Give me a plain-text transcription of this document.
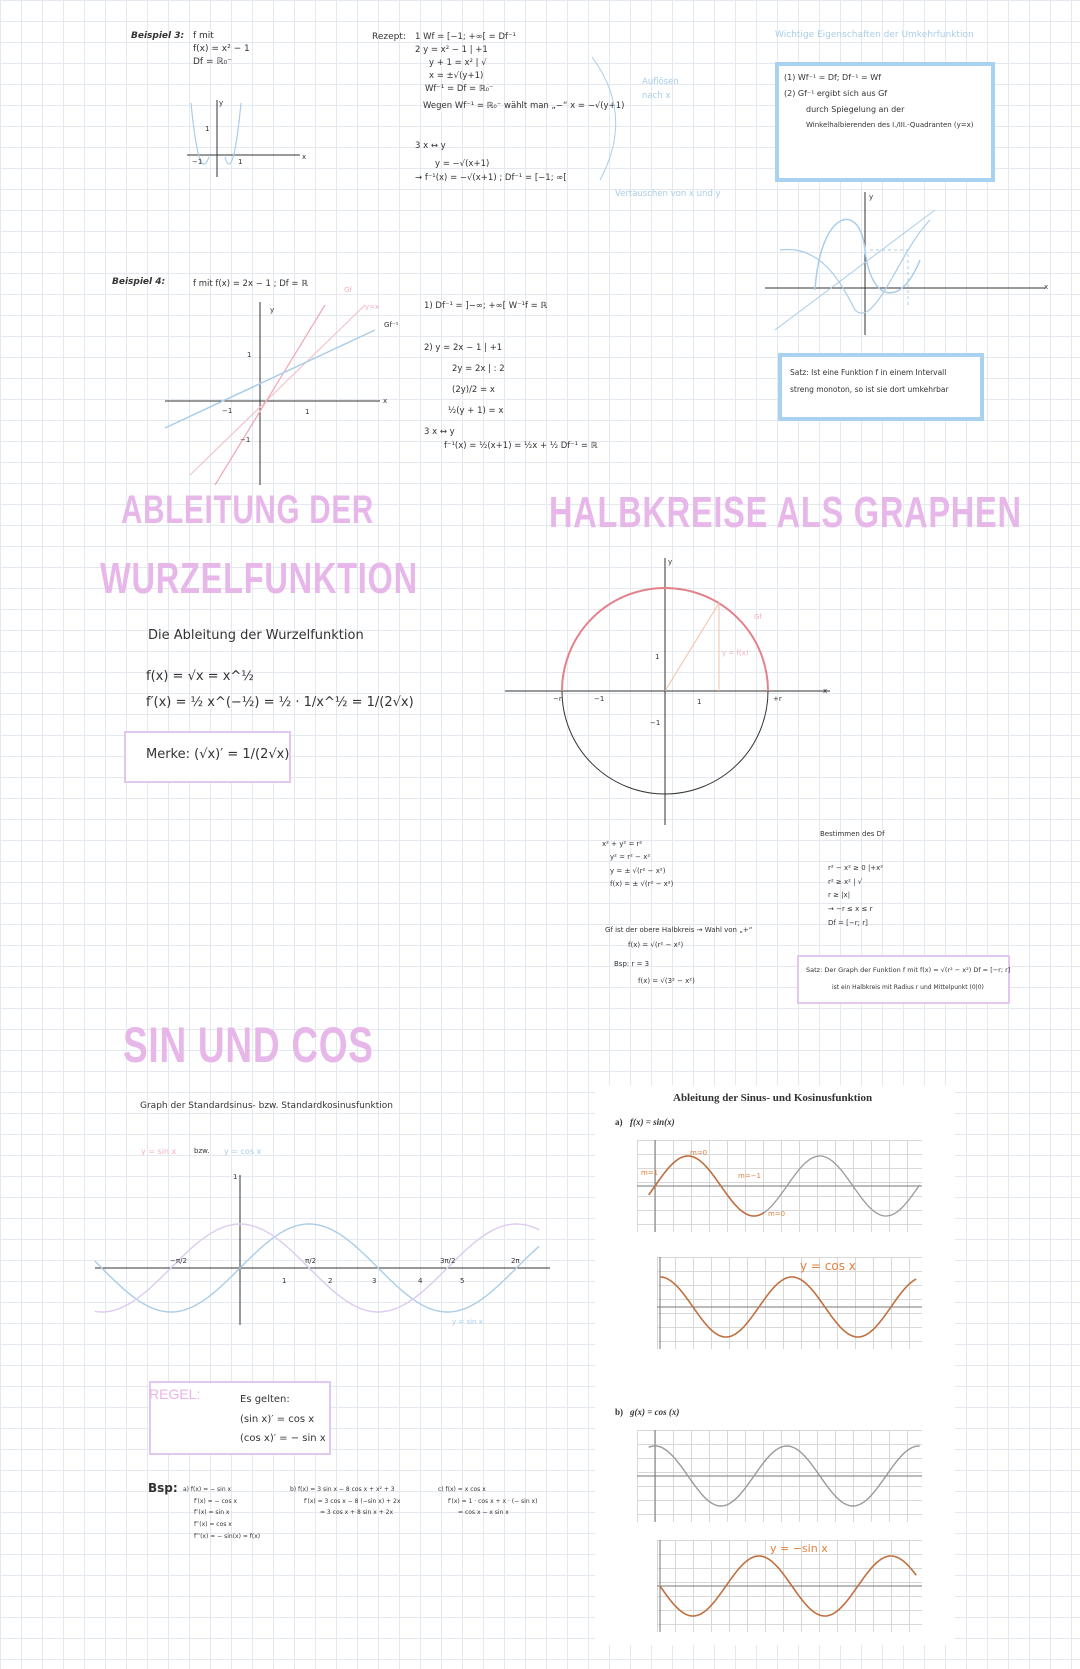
Beispiel 3: f mit
f(x) = x² − 1
Df = ℝ₀⁻
y
−1	1
1
x
Rezept: 1 Wf = [−1; +∞[ = Df⁻¹
2 y = x² − 1 | +1
y + 1 = x² | √
x = ±√(y+1)
Wf⁻¹ = Df = ℝ₀⁻
Wegen Wf⁻¹ = ℝ₀⁻ wählt man „−“ x = −√(y+1)
3 x ↔ y
y = −√(x+1)
→ f⁻¹(x) = −√(x+1) ; Df⁻¹ = [−1; ∞[
Auflösen nach x
Vertauschen von x und y
Wichtige Eigenschaften der Umkehrfunktion
(1) Wf⁻¹ = Df; Df⁻¹ = Wf
(2) Gf⁻¹ ergibt sich aus Gf
durch Spiegelung an der
Winkelhalbierenden des I./III.-Quadranten (y=x)
y
x
Satz: Ist eine Funktion f in einem Intervall streng monoton, so ist sie dort umkehrbar
Beispiel 4:	f mit f(x) = 2x − 1 ; Df = ℝ
y
x
1
−1	1
−1
Gf⁻¹
Gf
y=x	1) Df⁻¹ = ]−∞; +∞[ W⁻¹f = ℝ
2) y = 2x − 1 | +1
2y = 2x | : 2
(2y)/2 = x
½(y + 1) = x
3 x ↔ y
f⁻¹(x) = ½(x+1) = ½x + ½ Df⁻¹ = ℝ
ABLEITUNG DER
WURZELFUNKTION
Die Ableitung der Wurzelfunktion
f(x) = √x = x^½
f′(x) = ½ x^(−½) = ½ · 1/x^½ = 1/(2√x)
Merke: (√x)′ = 1/(2√x)
HALBKREISE ALS GRAPHEN
y
x
−r	+r
−1	1
1
−1
Gf
y = f(x)
x² + y² = r²
y² = r² − x²
y = ± √(r² − x²)
f(x) = ± √(r² − x²)
Gf ist der obere Halbkreis → Wahl von „+“
f(x) = √(r² − x²)
Bsp: r = 3
f(x) = √(3² − x²)
Bestimmen des Df
r² − x² ≥ 0 |+x²
r² ≥ x² | √
r ≥ |x|
→ −r ≤ x ≤ r
Df = [−r; r]
Satz: Der Graph der Funktion f mit f(x) = √(r² − x²) Df = [−r; r]
ist ein Halbkreis mit Radius r und Mittelpunkt (0|0)
SIN UND COS
Graph der Standardsinus- bzw. Standardkosinusfunktion
y = sin x	bzw. y = cos x
1
−π/2	π/2
1	2	3	4
3π/2
5
2π
y = sin x
REGEL:	Es gelten:
(sin x)′ = cos x
(cos x)′ = − sin x
Bsp: a) f(x) = − sin x
f′(x) = − cos x
f″(x) = sin x
f‴(x) = cos x
f⁗(x) = − sin(x) = f(x)
b) f(x) = 3 sin x − 8 cos x + x² + 3
f′(x) = 3 cos x − 8 (−sin x) + 2x
= 3 cos x + 8 sin x + 2x
c) f(x) = x cos x
f′(x) = 1 · cos x + x · (− sin x)
= cos x − x sin x
Ableitung der Sinus- und Kosinusfunktion
a) f(x) = sin(x)
m=0
m=1	m=−1
m=0
y = cos x
b) g(x) = cos (x)
y = −sin x
